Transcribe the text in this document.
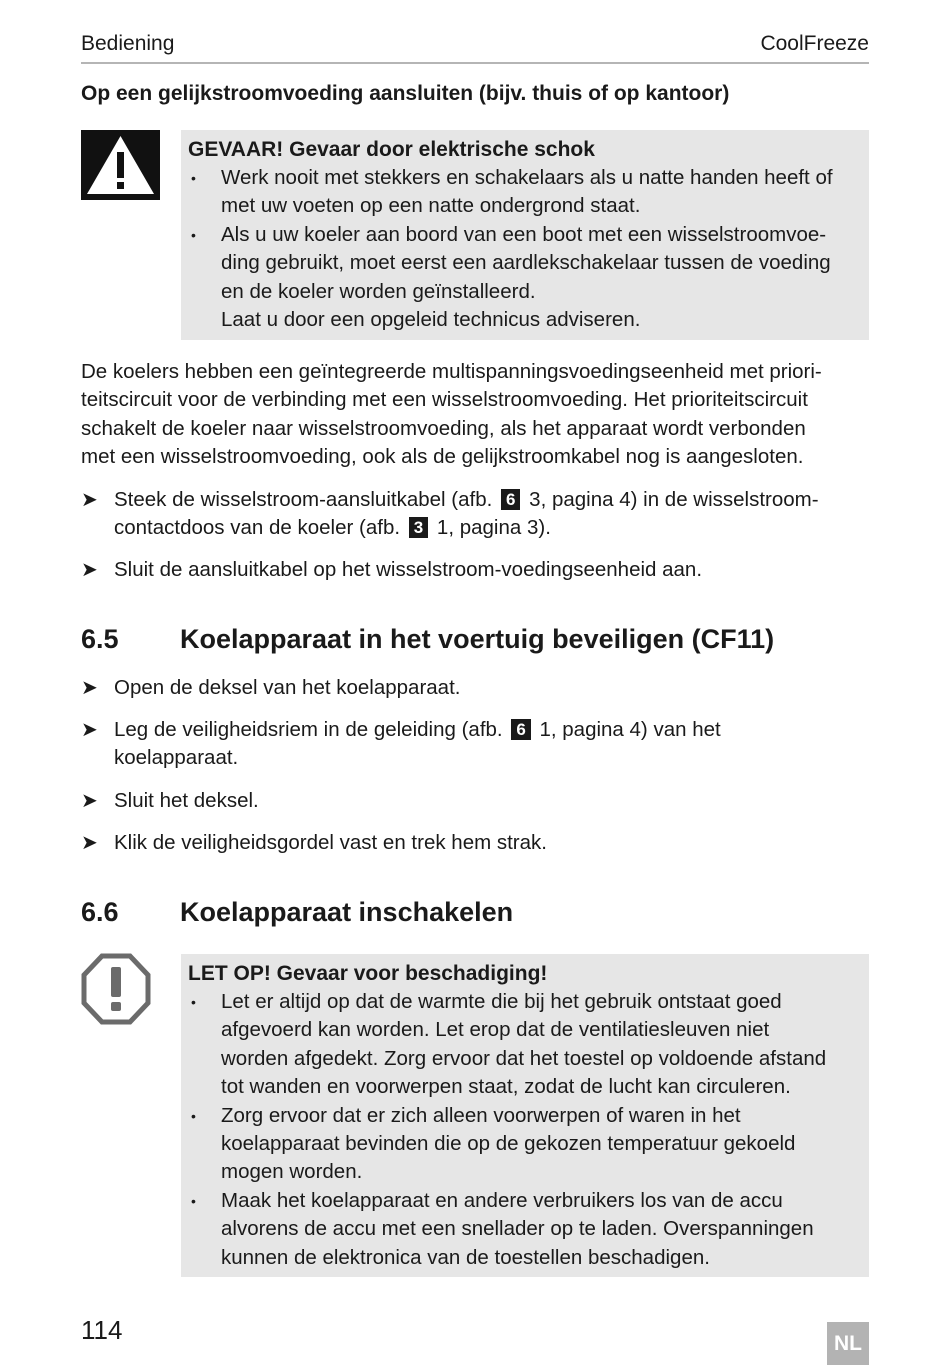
Bediening	CoolFreeze
Op een gelijkstroomvoeding aansluiten (bijv. thuis of op kantoor)
GEVAAR! Gevaar door elektrische schok
• Werk nooit met stekkers en schakelaars als u natte handen heeft of
met uw voeten op een natte ondergrond staat.
• Als u uw koeler aan boord van een boot met een wisselstroomvoe-
ding gebruikt, moet eerst een aardlekschakelaar tussen de voeding
en de koeler worden geïnstalleerd.
Laat u door een opgeleid technicus adviseren.
De koelers hebben een geïntegreerde multispanningsvoedingseenheid met priori-
teitscircuit voor de verbinding met een wisselstroomvoeding. Het prioriteitscircuit
schakelt de koeler naar wisselstroomvoeding, als het apparaat wordt verbonden
met een wisselstroomvoeding, ook als de gelijkstroomkabel nog is aangesloten.
➤ Steek de wisselstroom-aansluitkabel (afb. 6 3, pagina 4) in de wisselstroom-
contactdoos van de koeler (afb. 3 1, pagina 3).
➤ Sluit de aansluitkabel op het wisselstroom-voedingseenheid aan.
6.5 Koelapparaat in het voertuig beveiligen (CF11)
➤ Open de deksel van het koelapparaat.
➤ Leg de veiligheidsriem in de geleiding (afb. 6 1, pagina 4) van het
koelapparaat.
➤ Sluit het deksel.
➤ Klik de veiligheidsgordel vast en trek hem strak.
6.6 Koelapparaat inschakelen
LET OP! Gevaar voor beschadiging!
• Let er altijd op dat de warmte die bij het gebruik ontstaat goed
afgevoerd kan worden. Let erop dat de ventilatiesleuven niet
worden afgedekt. Zorg ervoor dat het toestel op voldoende afstand
tot wanden en voorwerpen staat, zodat de lucht kan circuleren.
• Zorg ervoor dat er zich alleen voorwerpen of waren in het
koelapparaat bevinden die op de gekozen temperatuur gekoeld
mogen worden.
• Maak het koelapparaat en andere verbruikers los van de accu
alvorens de accu met een snellader op te laden. Overspanningen
kunnen de elektronica van de toestellen beschadigen.
114	NL
